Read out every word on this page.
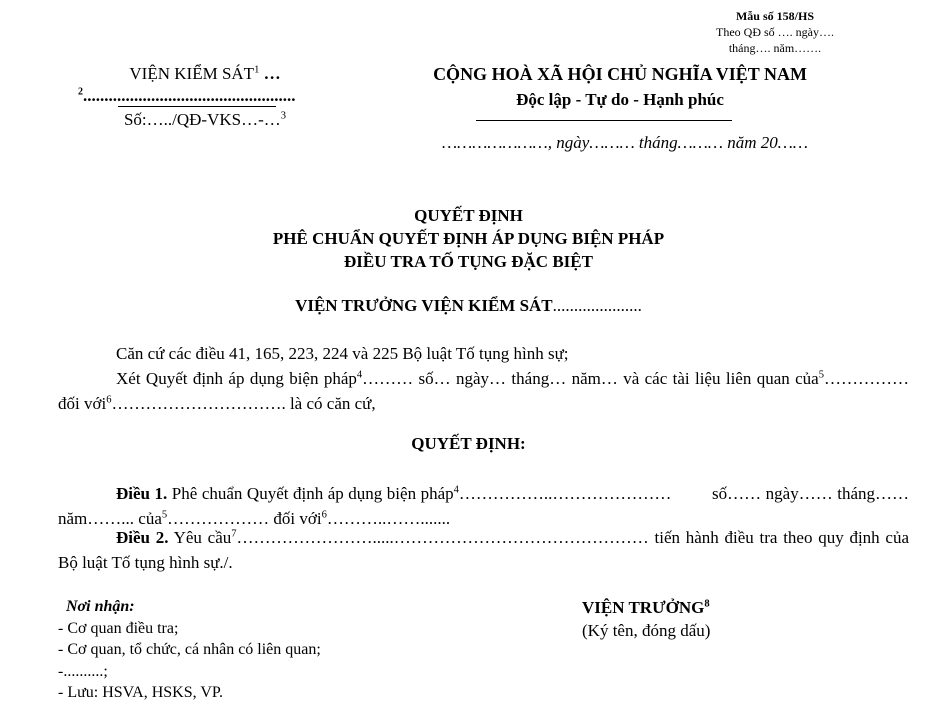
Mẫu số 158/HS
Theo QĐ số …. ngày….
tháng…. năm…….
VIỆN KIỂM SÁT$^1$ …
$^2$..................................................
Số:…../QĐ-VKS…-…$^3$
CỘNG HOÀ XÃ HỘI CHỦ NGHĨA VIỆT NAM
Độc lập - Tự do - Hạnh phúc
…………………, ngày……… tháng……… năm 20……
QUYẾT ĐỊNH
PHÊ CHUẨN QUYẾT ĐỊNH ÁP DỤNG BIỆN PHÁP
ĐIỀU TRA TỐ TỤNG ĐẶC BIỆT
VIỆN TRƯỞNG VIỆN KIỂM SÁT.....................
Căn cứ các điều 41, 165, 223, 224 và 225 Bộ luật Tố tụng hình sự;
Xét Quyết định áp dụng biện pháp$^4$……… số… ngày… tháng… năm… và các tài liệu liên quan của$^5$…………… đối với$^6$…………………………. là có căn cứ,
QUYẾT ĐỊNH:
Điều 1. Phê chuẩn Quyết định áp dụng biện pháp$^4$……………..…………………         số…… ngày…… tháng…… năm……... của$^5$……………… đối với$^6$………..…….......
Điều 2. Yêu cầu$^7$…………………….....……………………………………… tiến hành điều tra theo quy định của Bộ luật Tố tụng hình sự./.
Nơi nhận:
- Cơ quan điều tra;
- Cơ quan, tổ chức, cá nhân có liên quan;
-..........;
- Lưu: HSVA, HSKS, VP.
VIỆN TRƯỞNG$^8$
(Ký tên, đóng dấu)
